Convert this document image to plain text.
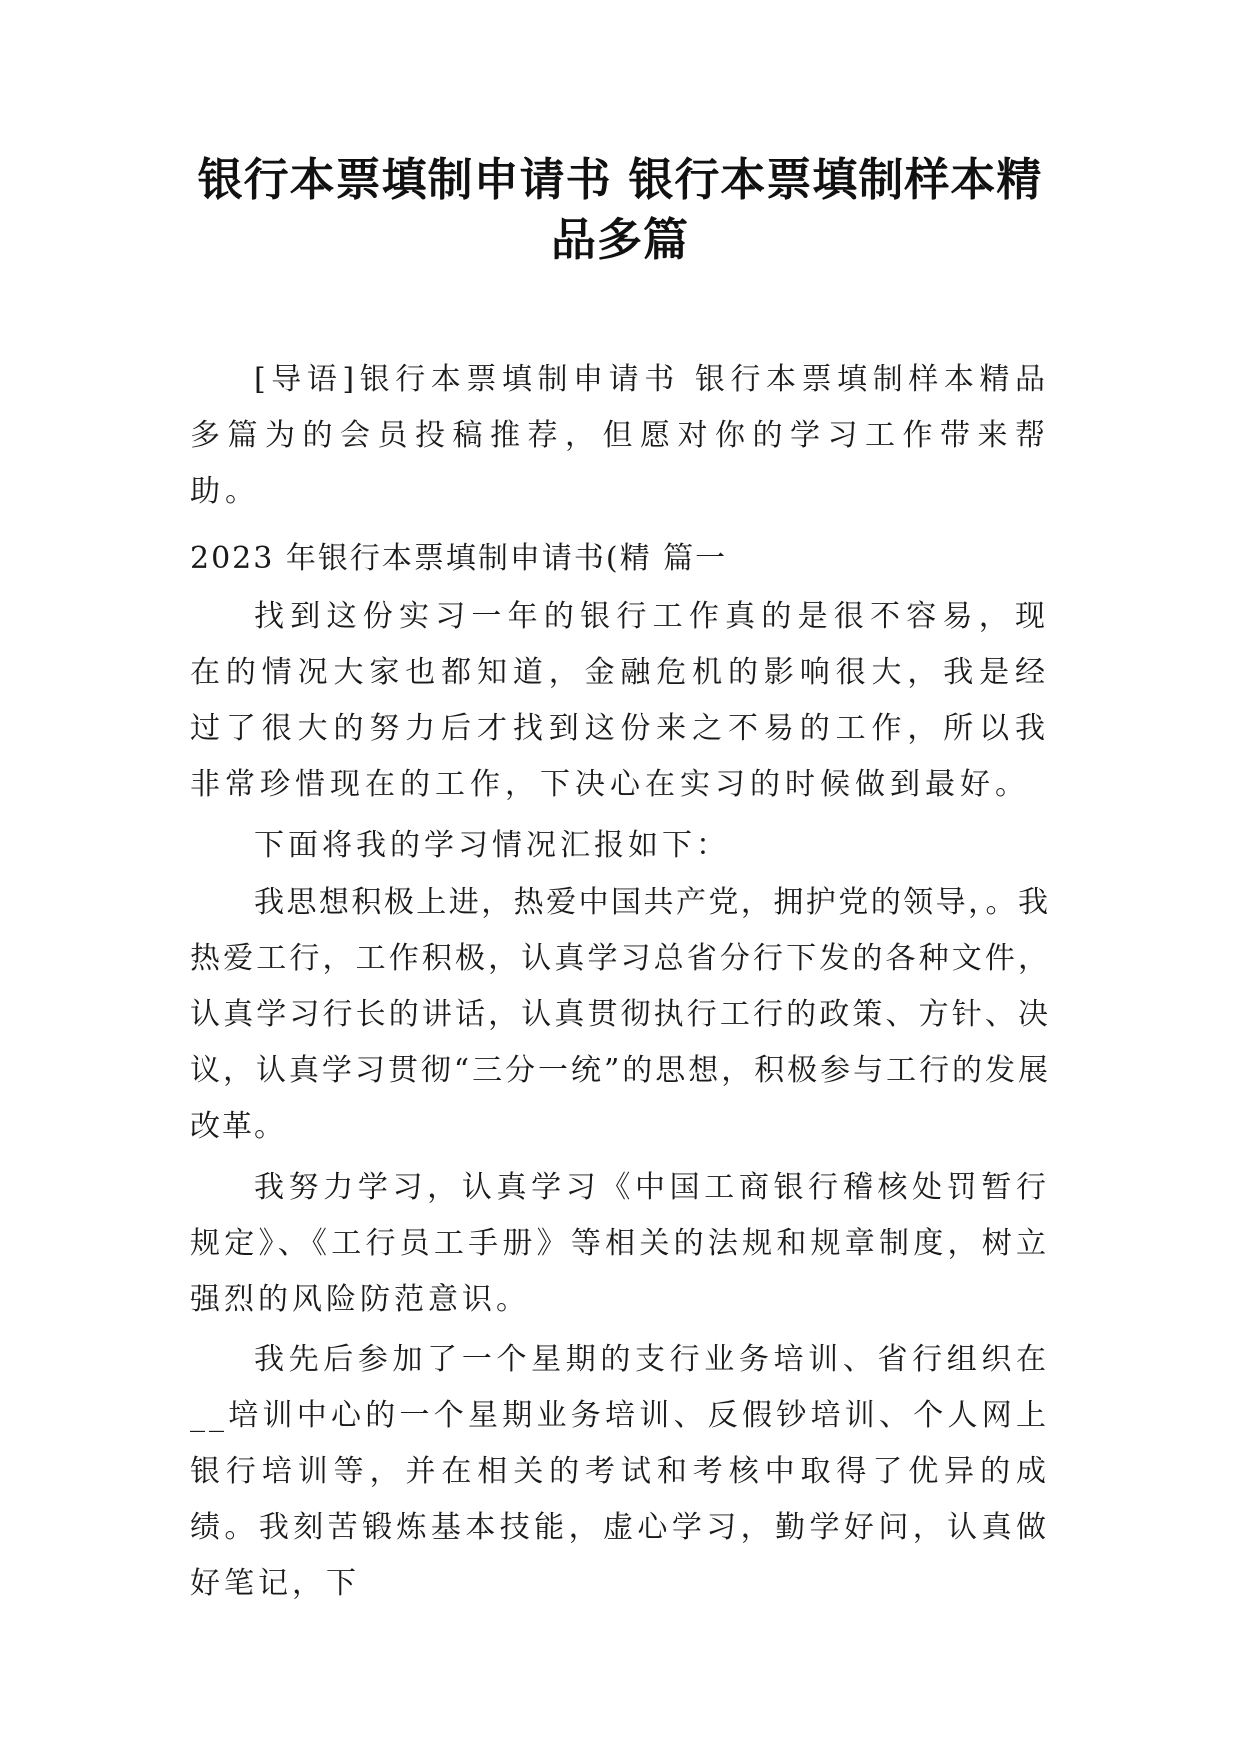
银行本票填制申请书 银行本票填制样本精
品多篇

[导语]银行本票填制申请书 银行本票填制样本精品多篇为的会员投稿推荐，但愿对你的学习工作带来帮助。

2023 年银行本票填制申请书(精 篇一

找到这份实习一年的银行工作真的是很不容易，现在的情况大家也都知道，金融危机的影响很大，我是经过了很大的努力后才找到这份来之不易的工作，所以我非常珍惜现在的工作，下决心在实习的时候做到最好。

下面将我的学习情况汇报如下：

我思想积极上进，热爱中国共产党，拥护党的领导，。我热爱工行，工作积极，认真学习总省分行下发的各种文件，认真学习行长的讲话，认真贯彻执行工行的政策、方针、决议，认真学习贯彻“三分一统”的思想，积极参与工行的发展改革。

我努力学习，认真学习《中国工商银行稽核处罚暂行规定》、《工行员工手册》等相关的法规和规章制度，树立强烈的风险防范意识。

我先后参加了一个星期的支行业务培训、省行组织在__培训中心的一个星期业务培训、反假钞培训、个人网上银行培训等，并在相关的考试和考核中取得了优异的成绩。我刻苦锻炼基本技能，虚心学习，勤学好问，认真做好笔记，下
